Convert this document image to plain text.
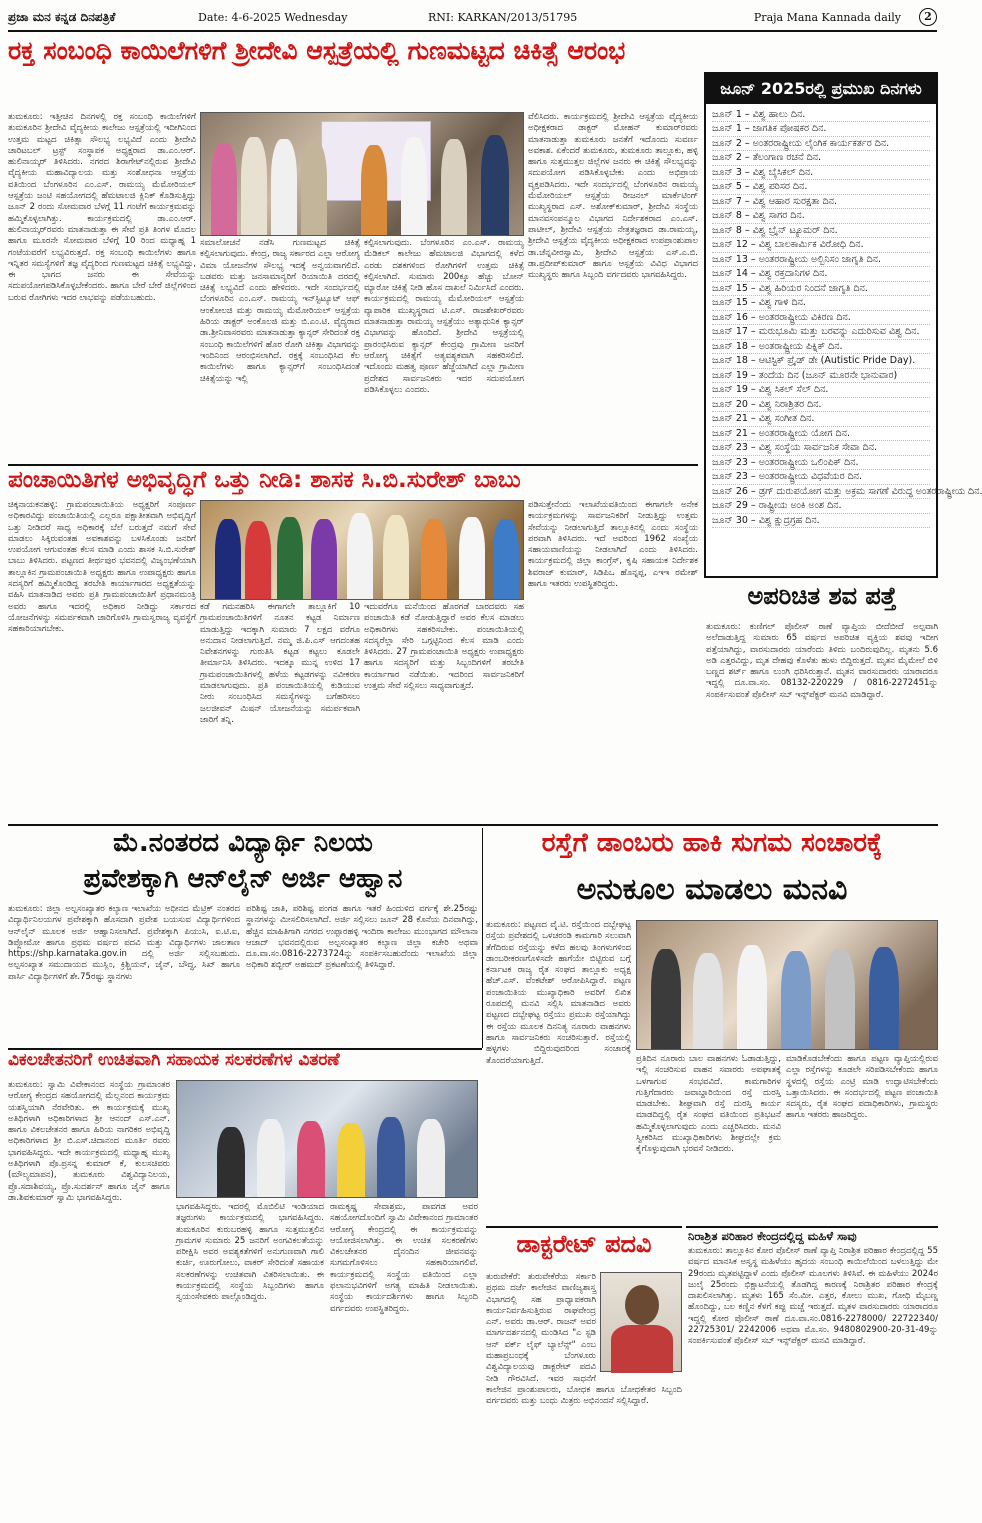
ಪ್ರಜಾ ಮನ ಕನ್ನಡ ದಿನಪತ್ರಿಕೆ	Date: 4-6-2025 Wednesday	RNI: KARKAN/2013/51795	Praja Mana Kannada daily	2
ರಕ್ತ ಸಂಬಂಧಿ ಕಾಯಿಲೆಗಳಿಗೆ ಶ್ರೀದೇವಿ ಆಸ್ಪತ್ರೆಯಲ್ಲಿ ಗುಣಮಟ್ಟದ ಚಿಕಿತ್ಸೆ ಆರಂಭ
ತುಮಕೂರು: ಇತ್ತೀಚಿನ ದಿನಗಳಲ್ಲಿ ರಕ್ತ ಸಂಬಂಧಿ ಕಾಯಿಲೆಗಳಿಗೆ ತುಮಕೂರಿನ ಶ್ರೀದೇವಿ ವೈದ್ಯಕೀಯ ಕಾಲೇಜು ಆಸ್ಪತ್ರೆಯಲ್ಲಿ ಇದೀಗಿನಿಂದ ಉತ್ತಮ ಮಟ್ಟದ ಚಿಕಿತ್ಸಾ ಸೌಲಭ್ಯ ಲಭ್ಯವಿದೆ ಎಂದು ಶ್ರೀದೇವಿ ಚಾರಿಟಬಲ್ ಟ್ರಸ್ಟ್ ಸಂಸ್ಥಾಪಕ ಅಧ್ಯಕ್ಷರಾದ ಡಾ.ಎಂ.ಆರ್. ಹುಲಿನಾಯ್ಕರ್ ತಿಳಿಸಿದರು. ನಗರದ ಶಿರಾಗೇಟ್‌ನಲ್ಲಿರುವ ಶ್ರೀದೇವಿ ವೈದ್ಯಕೀಯ ಮಹಾವಿದ್ಯಾಲಯ ಮತ್ತು ಸಂಶೋಧನಾ ಆಸ್ಪತ್ರೆಯ ವತಿಯಿಂದ ಬೆಂಗಳೂರಿನ ಎಂ.ಎಸ್. ರಾಮಯ್ಯ ಮೆಮೋರಿಯಲ್ ಆಸ್ಪತ್ರೆಯ ಜಂಟಿ ಸಹಯೋಗದಲ್ಲಿ ಹೆಮಟಾಲಜಿ ಕ್ಲಿನಿಕ್ ಕೊಡಿಸುತ್ತಿದ್ದು ಜೂನ್ 2 ರಂದು ಸೋಮವಾರ ಬೆಳಗ್ಗೆ 11 ಗಂಟೆಗೆ ಕಾರ್ಯಕ್ರಮವನ್ನು ಹಮ್ಮಿಕೊಳ್ಳಲಾಗಿತ್ತು. ಕಾರ್ಯಕ್ರಮದಲ್ಲಿ ಡಾ.ಎಂ.ಆರ್. ಹುಲಿನಾಯ್ಕರ್‌ರವರು ಮಾತನಾಡುತ್ತಾ ಈ ಸೇವೆ ಪ್ರತಿ ತಿಂಗಳ ಮೊದಲ ಹಾಗೂ ಮೂರನೇ ಸೋಮವಾರ ಬೆಳಿಗ್ಗೆ 10 ರಿಂದ ಮಧ್ಯಾಹ್ನ 1 ಗಂಟೆಯವರೆಗೆ ಲಭ್ಯವಿರುತ್ತದೆ. ರಕ್ತ ಸಂಬಂಧಿ ಕಾಯಿಲೆಗಳು ಹಾಗೂ ಇನ್ನಿತರ ಸಮಸ್ಯೆಗಳಿಗೆ ತಜ್ಞ ವೈದ್ಯರಿಂದ ಗುಣಮಟ್ಟದ ಚಿಕಿತ್ಸೆ ಲಭ್ಯವಿದ್ದು, ಈ ಭಾಗದ ಜನರು ಈ ಸೇವೆಯನ್ನು ಸದುಪಯೋಗಪಡಿಸಿಕೊಳ್ಳಬೇಕೆಂದರು. ಹಾಗೂ ಬೇರೆ ಬೇರೆ ಜಿಲ್ಲೆಗಳಿಂದ ಬರುವ ರೋಗಿಗಳು ಇದರ ಲಾಭವನ್ನು ಪಡೆಯಬಹುದು.
ಸಮಾಲೋಚನೆ ನಡೆಸಿ ಗುಣಮಟ್ಟದ ಚಿಕಿತ್ಸೆ ಕಲ್ಪಿಸಲಾಗುವುದು. ಕೇಂದ್ರ, ರಾಜ್ಯ ಸರ್ಕಾರದ ಎಲ್ಲಾ ಆರೋಗ್ಯ ವಿಮಾ ಯೋಜನೆಗಳ ಸೌಲಭ್ಯ ಇದಕ್ಕೆ ಅನ್ವಯವಾಗಲಿದೆ. ಬಡವರು ಮತ್ತು ಜನಸಾಮಾನ್ಯರಿಗೆ ರಿಯಾಯಿತಿ ದರದಲ್ಲಿ ಚಿಕಿತ್ಸೆ ಲಭ್ಯವಿದೆ ಎಂದು ಹೇಳಿದರು. ಇದೇ ಸಂದರ್ಭದಲ್ಲಿ ಬೆಂಗಳೂರಿನ ಎಂ.ಎಸ್. ರಾಮಯ್ಯ ಇನ್‌ಸ್ಟಿಟ್ಯೂಟ್ ಆಫ್ ಆಂಕೋಲಜಿ ಮತ್ತು ರಾಮಯ್ಯ ಮೆಮೋರಿಯಲ್ ಆಸ್ಪತ್ರೆಯ ಹಿರಿಯ ಡಾಕ್ಟರ್ ಅಂಕೊಲಜಿ ಮತ್ತು ಬಿ.ಎಂ.ಟಿ. ವೈದ್ಯರಾದ ಡಾ.ಶ್ರೀನಿವಾಸರವರು ಮಾತನಾಡುತ್ತಾ ಕ್ಯಾನ್ಸರ್ ಸೇರಿದಂತೆ ರಕ್ತ ಸಂಬಂಧಿ ಕಾಯಿಲೆಗಳಿಗೆ ಹೊರ ರೋಗಿ ಚಿಕಿತ್ಸಾ ವಿಭಾಗವನ್ನು ಇಂದಿನಿಂದ ಆರಂಭಿಸಲಾಗಿದೆ. ರಕ್ತಕ್ಕೆ ಸಂಬಂಧಿಸಿದ ಕೆಲ ಕಾಯಿಲೆಗಳು ಹಾಗೂ ಕ್ಯಾನ್ಸರ್‌ಗೆ ಸಂಬಂಧಿಸಿದಂತೆ ಚಿಕಿತ್ಸೆಯನ್ನು ಇಲ್ಲಿ
ಕಲ್ಪಿಸಲಾಗುವುದು. ಬೆಂಗಳೂರಿನ ಎಂ.ಎಸ್. ರಾಮಯ್ಯ ಮೆಡಿಕಲ್ ಕಾಲೇಜು ಹೆಮಟಾಲಜಿ ವಿಭಾಗದಲ್ಲಿ ಕಳೆದ ಎರಡು ದಶಕಗಳಿಂದ ರೋಗಿಗಳಿಗೆ ಉತ್ತಮ ಚಿಕಿತ್ಸೆ ಕಲ್ಪಿಸಲಾಗಿದೆ. ಸುಮಾರು 200ಕ್ಕೂ ಹೆಚ್ಚು ಬೋನ್ ಮ್ಯಾರೋ ಚಿಕಿತ್ಸೆ ನೀಡಿ ಹೊಸ ದಾಖಲೆ ನಿರ್ಮಿಸಿದೆ ಎಂದರು. ಕಾರ್ಯಕ್ರಮದಲ್ಲಿ ರಾಮಯ್ಯ ಮೆಮೋರಿಯಲ್ ಆಸ್ಪತ್ರೆಯ ವ್ಯಾಪಾರಿಕ ಮುಖ್ಯಸ್ಥರಾದ ಟಿ.ಎಸ್. ರಾಜಶೇಖರ್‌ರವರು ಮಾತನಾಡುತ್ತಾ ರಾಮಯ್ಯ ಆಸ್ಪತ್ರೆಯು ಅತ್ಯಾಧುನಿಕ ಕ್ಯಾನ್ಸರ್ ವಿಭಾಗವನ್ನು ಹೊಂದಿದೆ. ಶ್ರೀದೇವಿ ಆಸ್ಪತ್ರೆಯಲ್ಲಿ ಪ್ರಾರಂಭಿಸಿರುವ ಕ್ಯಾನ್ಸರ್ ಕೇಂದ್ರವು ಗ್ರಾಮೀಣ ಜನರಿಗೆ ಆರೋಗ್ಯ ಚಿಕಿತ್ಸೆಗೆ ಅತ್ಯವಶ್ಯಕವಾಗಿ ಸಹಕರಿಸಲಿದೆ. ಇದೊಂದು ಮಹತ್ವ ಪೂರ್ಣ ಹೆಜ್ಜೆಯಾಗಿದೆ ಎಲ್ಲಾ ಗ್ರಾಮೀಣ ಪ್ರದೇಶದ ಸಾರ್ವಜನಿಕರು ಇದರ ಸದುಪಯೋಗ ಪಡಿಸಿಕೊಳ್ಳಲು ಎಂದರು.
ವೆಲಿಸಿದರು. ಕಾರ್ಯಕ್ರಮದಲ್ಲಿ ಶ್ರೀದೇವಿ ಆಸ್ಪತ್ರೆಯ ವೈದ್ಯಕೀಯ ಅಧೀಕ್ಷಕರಾದ ಡಾಕ್ಟರ್ ಮೋಹನ್ ಕುಮಾರ್‌ರವರು ಮಾತನಾಡುತ್ತಾ ತುಮಕೂರು ಜನತೆಗೆ ಇದೊಂದು ಸುವರ್ಣ ಅವಕಾಶ. ಏಕೆಂದರೆ ತುಮಕೂರು, ತುಮಕೂರು ತಾಲ್ಲೂಕು, ಹಳ್ಳಿ ಹಾಗೂ ಸುತ್ತಮುತ್ತಲ ಜಿಲ್ಲೆಗಳ ಜನರು ಈ ಚಿಕಿತ್ಸೆ ಸೌಲಭ್ಯವನ್ನು ಸದುಪಯೋಗ ಪಡಿಸಿಕೊಳ್ಳಬೇಕು ಎಂದು ಅಭಿಪ್ರಾಯ ವ್ಯಕ್ತಪಡಿಸಿದರು. ಇದೇ ಸಂದರ್ಭದಲ್ಲಿ ಬೆಂಗಳೂರಿನ ರಾಮಯ್ಯ ಮೆಮೋರಿಯಲ್ ಆಸ್ಪತ್ರೆಯ ರೀಜನಲ್ ಮಾರ್ಕೆಟಿಂಗ್ ಮುಖ್ಯಸ್ಥರಾದ ಎಸ್. ಅಶೋಕ್‌ಕುಮಾರ್, ಶ್ರೀದೇವಿ ಸಂಸ್ಥೆಯ ಮಾನವಸಂಪನ್ಮೂಲ ವಿಭಾಗದ ನಿರ್ದೇಶಕರಾದ ಎಂ.ಎಸ್. ಪಾಟೀಲ್, ಶ್ರೀದೇವಿ ಆಸ್ಪತ್ರೆಯ ನೇತ್ರತಜ್ಞರಾದ ಡಾ.ರಾಮಯ್ಯ, ಶ್ರೀದೇವಿ ಆಸ್ಪತ್ರೆಯ ವೈದ್ಯಕೀಯ ಅಧೀಕ್ಷಕರಾದ ಉಪಪ್ರಾಂಶುಪಾಲ ಡಾ.ಚೆನ್ನವೀರಸ್ವಾಮಿ, ಶ್ರೀದೇವಿ ಆಸ್ಪತ್ರೆಯ ಎಸ್.ಎ.ಬಿ. ಡಾ.ಪ್ರದೀಪ್‌ಕುಮಾರ್ ಹಾಗೂ ಆಸ್ಪತ್ರೆಯ ವಿವಿಧ ವಿಭಾಗದ ಮುಖ್ಯಸ್ಥರು ಹಾಗೂ ಸಿಬ್ಬಂದಿ ವರ್ಗದವರು ಭಾಗವಹಿಸಿದ್ದರು.
ಜೂನ್ 2025ರಲ್ಲಿ ಪ್ರಮುಖ ದಿನಗಳು
ಜೂನ್ 1 – ವಿಶ್ವ ಹಾಲು ದಿನ.
ಜೂನ್ 1 – ಜಾಗತಿಕ ಪೋಷಕರ ದಿನ.
ಜೂನ್ 2 – ಅಂತರರಾಷ್ಟ್ರೀಯ ಲೈಂಗಿಕ ಕಾರ್ಯಕರ್ತರ ದಿನ.
ಜೂನ್ 2 – ತೆಲಂಗಾಣ ರಚನೆ ದಿನ.
ಜೂನ್ 3 – ವಿಶ್ವ ಬೈಸಿಕಲ್ ದಿನ.
ಜೂನ್ 5 – ವಿಶ್ವ ಪರಿಸರ ದಿನ.
ಜೂನ್ 7 – ವಿಶ್ವ ಆಹಾರ ಸುರಕ್ಷತಾ ದಿನ.
ಜೂನ್ 8 – ವಿಶ್ವ ಸಾಗರ ದಿನ.
ಜೂನ್ 8 – ವಿಶ್ವ ಬ್ರೈನ್ ಟ್ಯೂಮರ್ ದಿನ.
ಜೂನ್ 12 – ವಿಶ್ವ ಬಾಲಕಾರ್ಮಿಕ ವಿರೋಧಿ ದಿನ.
ಜೂನ್ 13 – ಅಂತರರಾಷ್ಟ್ರೀಯ ಅಲ್ಬಿನಿಸಂ ಜಾಗೃತಿ ದಿನ.
ಜೂನ್ 14 – ವಿಶ್ವ ರಕ್ತದಾನಿಗಳ ದಿನ.
ಜೂನ್ 15 – ವಿಶ್ವ ಹಿರಿಯರ ನಿಂದನೆ ಜಾಗೃತಿ ದಿನ.
ಜೂನ್ 15 – ವಿಶ್ವ ಗಾಳಿ ದಿನ.
ಜೂನ್ 16 – ಅಂತರರಾಷ್ಟ್ರೀಯ ವಿಕಿರಣ ದಿನ.
ಜೂನ್ 17 – ಮರುಭೂಮಿ ಮತ್ತು ಬರವನ್ನು ಎದುರಿಸುವ ವಿಶ್ವ ದಿನ.
ಜೂನ್ 18 – ಅಂತರಾಷ್ಟ್ರೀಯ ಪಿಕ್ನಿಕ್ ದಿನ.
ಜೂನ್ 18 – ಆಟಿಸ್ಟಿಕ್ ಪ್ರೈಡ್ ಡೇ (Autistic Pride Day).
ಜೂನ್ 19 – ತಂದೆಯ ದಿನ (ಜೂನ್ ಮೂರನೇ ಭಾನುವಾರ)
ಜೂನ್ 19 – ವಿಶ್ವ ಸಿಕಲ್ ಸೆಲ್ ದಿನ.
ಜೂನ್ 20 – ವಿಶ್ವ ನಿರಾಶ್ರಿತರ ದಿನ.
ಜೂನ್ 21 – ವಿಶ್ವ ಸಂಗೀತ ದಿನ.
ಜೂನ್ 21 – ಅಂತರರಾಷ್ಟ್ರೀಯ ಯೋಗ ದಿನ.
ಜೂನ್ 23 – ವಿಶ್ವ ಸಂಸ್ಥೆಯ ಸಾರ್ವಜನಿಕ ಸೇವಾ ದಿನ.
ಜೂನ್ 23 – ಅಂತರರಾಷ್ಟ್ರೀಯ ಒಲಿಂಪಿಕ್ ದಿನ.
ಜೂನ್ 23 – ಅಂತರರಾಷ್ಟ್ರೀಯ ವಿಧವೆಯರ ದಿನ.
ಜೂನ್ 26 – ಡ್ರಗ್ ದುರುಪಯೋಗ ಮತ್ತು ಅಕ್ರಮ ಸಾಗಣೆ ವಿರುದ್ಧ ಅಂತರರಾಷ್ಟ್ರೀಯ ದಿನ.
ಜೂನ್ 29 – ರಾಷ್ಟ್ರೀಯ ಅಂಕಿ ಅಂಶ ದಿನ.
ಜೂನ್ 30 – ವಿಶ್ವ ಕ್ಷುದ್ರಗ್ರಹ ದಿನ.
ಪಂಚಾಯಿತಿಗಳ ಅಭಿವೃದ್ಧಿಗೆ ಒತ್ತು ನೀಡಿ: ಶಾಸಕ ಸಿ.ಬಿ.ಸುರೇಶ್ ಬಾಬು
ಚಿಕ್ಕನಾಯಕನಹಳ್ಳಿ: ಗ್ರಾಮಪಂಚಾಯಿತಿಯ ಅಧ್ಯಕ್ಷರಿಗೆ ಸಂಪೂರ್ಣ ಅಧಿಕಾರವಿದ್ದು ಪಂಚಾಯಿತಿಯಲ್ಲಿ ಎಲ್ಲರೂ ಪಕ್ಷಾತೀತವಾಗಿ ಅಭಿವೃದ್ಧಿಗೆ ಒತ್ತು ನೀಡಿದರೆ ಸಾಧ್ಯ ಅಧಿಕಾರಕ್ಕೆ ಬೆಲೆ ಬರುತ್ತದೆ ನಮಗೆ ಸೇವೆ ಮಾಡಲು ಸಿಕ್ಕಿರುವಂತಹ ಅವಕಾಶವನ್ನು ಬಳಸಿಕೊಂಡು ಜನರಿಗೆ ಉಪಯೋಗ ಆಗುವಂತಹ ಕೆಲಸ ಮಾಡಿ ಎಂದು ಶಾಸಕ ಸಿ.ಬಿ.ಸುರೇಶ್ ಬಾಬು ತಿಳಿಸಿದರು. ಪಟ್ಟಣದ ತೀರ್ಥಪುರ ಭವನದಲ್ಲಿ ವಿಜೃಂಭಣೆಯಾಗಿ ತಾಲ್ಲೂಕಿನ ಗ್ರಾಮಪಂಚಾಯಿತಿ ಅಧ್ಯಕ್ಷರು ಹಾಗೂ ಉಪಾಧ್ಯಕ್ಷರು ಹಾಗೂ ಸದಸ್ಯರಿಗೆ ಹಮ್ಮಿಕೊಂಡಿದ್ದ ತರಬೇತಿ ಕಾರ್ಯಾಗಾರದ ಅಧ್ಯಕ್ಷತೆಯನ್ನು ವಹಿಸಿ ಮಾತನಾಡಿದ ಅವರು ಪ್ರತಿ ಗ್ರಾಮಪಂಚಾಯಿತಿಗೆ ಪ್ರಧಾನಮಂತ್ರಿ ಅವರು ಹಾಗೂ ಇದರಲ್ಲಿ ಅಧಿಕಾರ ನೀಡಿದ್ದು ಸರ್ಕಾರದ ಯೋಜನೆಗಳನ್ನು ಸಮರ್ಪಕವಾಗಿ ಜಾರಿಗೊಳಿಸಿ ಗ್ರಾಮಸ್ವರಾಜ್ಯ ವ್ಯವಸ್ಥೆಗೆ ಸಹಕಾರಿಯಾಗಬೇಕು.
ಕಡೆ ಗಮನಹರಿಸಿ ಈಗಾಗಲೇ ತಾಲ್ಲೂಕಿಗೆ 10 ಗ್ರಾಮಪಂಚಾಯಿತಿಗಳಿಗೆ ನೂತನ ಕಟ್ಟಡ ನಿರ್ಮಾಣ ಮಾಡುತ್ತಿದ್ದು ಇದಕ್ಕಾಗಿ ಸುಮಾರು 7 ಲಕ್ಷದ ವರೆಗೂ ಅನುದಾನ ನೀಡಲಾಗುತ್ತಿದೆ. ನಮ್ಮ ಜಿ.ಪಿ.ಎಸ್ ಆಗದಂತಹ ನಿವೇಶನಗಳನ್ನು ಗುರುತಿಸಿ ಕಟ್ಟಡ ಕಟ್ಟಲು ಕೂಡಲೇ ತೀರ್ಮಾನಿಸಿ ತಿಳಿಸಿದರು. ಇದಕ್ಕೂ ಮುನ್ನ ಉಳಿದ 17 ಗ್ರಾಮಪಂಚಾಯಿತಿಗಳಲ್ಲಿ ಹಳೆಯ ಕಟ್ಟಡಗಳನ್ನು ನವೀಕರಣ ಮಾಡಲಾಗುವುದು. ಪ್ರತಿ ಪಂಚಾಯಿತಿಯಲ್ಲಿ ಕುಡಿಯುವ ನೀರು ಸಂಬಂಧಿಸಿದ ಸಮಸ್ಯೆಗಳನ್ನು ಬಗೆಹರಿಸಲು ಜಲಜೀವನ್ ಮಿಷನ್ ಯೋಜನೆಯನ್ನು ಸಮರ್ಪಕವಾಗಿ ಜಾರಿಗೆ ತನ್ನಿ.
ಇದುವರೆಗೂ ಮನೆಯಿಂದ ಹೊರಗಡೆ ಬಾರದವರು ಸಹ ಪಂಚಾಯಿತಿ ಕಡೆ ನೋಡುತ್ತಿದ್ದಾರೆ ಅವರ ಕೆಲಸ ಮಾಡಲು ಅಧಿಕಾರಿಗಳು ಸಹಕರಿಸಬೇಕು. ಪಂಚಾಯಿತಿಯಲ್ಲಿ ಸದಸ್ಯರೆಲ್ಲಾ ಸೇರಿ ಒಗ್ಗಟ್ಟಿನಿಂದ ಕೆಲಸ ಮಾಡಿ ಎಂದು ತಿಳಿಸಿದರು. 27 ಗ್ರಾಮಪಂಚಾಯಿತಿ ಅಧ್ಯಕ್ಷರು ಉಪಾಧ್ಯಕ್ಷರು ಹಾಗೂ ಸದಸ್ಯರಿಗೆ ಮತ್ತು ಸಿಬ್ಬಂದಿಗಳಿಗೆ ತರಬೇತಿ ಕಾರ್ಯಾಗಾರ ನಡೆಯಿತು. ಇದರಿಂದ ಸಾರ್ವಜನಿಕರಿಗೆ ಉತ್ತಮ ಸೇವೆ ಸಲ್ಲಿಸಲು ಸಾಧ್ಯವಾಗುತ್ತದೆ.
ಪಡಿಸುತ್ತೇನೆಂದು ಇಲಾಖೆಯವತಿಯಿಂದ ಈಗಾಗಲೇ ಅನೇಕ ಕಾರ್ಯಕ್ರಮಗಳನ್ನು ಸಾರ್ವಜನಿಕರಿಗೆ ನೀಡುತ್ತಿದ್ದು ಉತ್ತಮ ಸೇವೆಯನ್ನು ನೀಡಲಾಗುತ್ತಿದೆ ತಾಲ್ಲೂಕಿನಲ್ಲಿ ಎಂದು ಸಂಸ್ಥೆಯ ಪರವಾಗಿ ತಿಳಿಸಿದರು. ಇದೆ ಅವರಿಂದ 1962 ಸಂಖ್ಯೆಯ ಸಹಾಯವಾಣಿಯನ್ನು ನೀಡಲಾಗಿದೆ ಎಂದು ತಿಳಿಸಿದರು. ಕಾರ್ಯಕ್ರಮದಲ್ಲಿ ಜಿಲ್ಲಾ ಕಾಂಗ್ರೆಸ್, ಕೃಷಿ ಸಹಾಯಕ ನಿರ್ದೇಶಕ ಶಿವರಾಜ್ ಕುಮಾರ್, ಸಿಡಿಪಿಒ ಹೊನ್ನಪ್ಪ, ಎಇಇ ರಮೇಶ್ ಹಾಗೂ ಇತರರು ಉಪಸ್ಥಿತರಿದ್ದರು.	ಅಪರಿಚಿತ ಶವ ಪತ್ತೆ
ತುಮಕೂರು: ಕುಣಿಗಲ್ ಪೊಲೀಸ್ ಠಾಣೆ ವ್ಯಾಪ್ತಿಯ ಬೀದೆಬೀದೆ ಅಲ್ಪವಾಗಿ ಅಲೆದಾಡುತ್ತಿದ್ದ ಸುಮಾರು 65 ವರ್ಷದ ಅಪರಿಚಿತ ವ್ಯಕ್ತಿಯ ಶವವು ಇದೀಗ ಪತ್ತೆಯಾಗಿದ್ದು, ವಾರಸುದಾರರು ಯಾರೆಂದು ತಿಳಿದು ಬಂದಿರುವುದಿಲ್ಲ. ಮೃತನು 5.6 ಅಡಿ ಎತ್ತರವಿದ್ದು, ಮೃತ ದೇಹವು ಕೊಳೆತು ಹುಳು ಬಿದ್ದಿರುತ್ತದೆ. ಮೃತನ ಮೈಮೇಲೆ ಬಿಳಿ ಬಣ್ಣದ ಶರ್ಟ್ ಹಾಗೂ ಲುಂಗಿ ಧರಿಸಿರುತ್ತಾನೆ. ಮೃತನ ವಾರಸುದಾರರು ಯಾರಾದರೂ ಇದ್ದಲ್ಲಿ ದೂ.ವಾ.ಸಂ. 08132-220229 / 0816-2272451ನ್ನು ಸಂಪರ್ಕಿಸುವಂತೆ ಪೊಲೀಸ್ ಸಬ್ ಇನ್ಸ್‌ಪೆಕ್ಟರ್ ಮನವಿ ಮಾಡಿದ್ದಾರೆ.
ಮೆ.ನಂತರದ ವಿದ್ಯಾರ್ಥಿ ನಿಲಯ
ಪ್ರವೇಶಕ್ಕಾಗಿ ಆನ್‌ಲೈನ್ ಅರ್ಜಿ ಆಹ್ವಾನ
ತುಮಕೂರು: ಜಿಲ್ಲಾ ಅಲ್ಪಸಂಖ್ಯಾತರ ಕಲ್ಯಾಣ ಇಲಾಖೆಯ ಅಧೀನದ ಮೆಟ್ರಿಕ್ ನಂತರದ ವಿದ್ಯಾರ್ಥಿನಿಲಯಗಳ ಪ್ರವೇಶಕ್ಕಾಗಿ ಹೊಸದಾಗಿ ಪ್ರವೇಶ ಬಯಸುವ ವಿದ್ಯಾರ್ಥಿಗಳಿಂದ ಆನ್‌ಲೈನ್ ಮೂಲಕ ಅರ್ಜಿ ಆಹ್ವಾನಿಸಲಾಗಿದೆ. ಪ್ರವೇಶಕ್ಕಾಗಿ ಪಿಯುಸಿ, ಐ.ಟಿ.ಐ, ಡಿಪ್ಲೋಮೋ ಹಾಗೂ ಪ್ರಥಮ ವರ್ಷದ ಪದವಿ ಮತ್ತು ವಿದ್ಯಾರ್ಥಿಗಳು ಜಾಲತಾಣ https://shp.karnataka.gov.in ದಲ್ಲಿ ಅರ್ಜಿ ಸಲ್ಲಿಸಬಹುದು. ಅಲ್ಪಸಂಖ್ಯಾತ ಸಮುದಾಯದ ಮುಸ್ಲಿಂ, ಕ್ರಿಶ್ಚಿಯನ್, ಜೈನ್, ಬೌದ್ಧ, ಸಿಖ್ ಹಾಗೂ ಪಾರ್ಸಿ ವಿದ್ಯಾರ್ಥಿಗಳಿಗೆ ಶೇ.75ರಷ್ಟು ಸ್ಥಾನಗಳು
ಪರಿಶಿಷ್ಟ ಜಾತಿ, ಪರಿಶಿಷ್ಟ ಪಂಗಡ ಹಾಗೂ ಇತರೆ ಹಿಂದುಳಿದ ವರ್ಗಕ್ಕೆ ಶೇ.25ರಷ್ಟು ಸ್ಥಾನಗಳನ್ನು ಮೀಸಲಿರಿಸಲಾಗಿದೆ. ಅರ್ಜಿ ಸಲ್ಲಿಸಲು ಜೂನ್ 28 ಕೊನೆಯ ದಿನವಾಗಿದ್ದು, ಹೆಚ್ಚಿನ ಮಾಹಿತಿಗಾಗಿ ನಗರದ ಉಪ್ಪಾರಹಳ್ಳಿ ಇಂದಿರಾ ಕಾಲೇಜು ಮುಂಭಾಗದ ಮೌಲಾನಾ ಆಜಾದ್ ಭವನದಲ್ಲಿರುವ ಅಲ್ಪಸಂಖ್ಯಾತರ ಕಲ್ಯಾಣ ಜಿಲ್ಲಾ ಕಚೇರಿ ಅಥವಾ ದೂ.ವಾ.ಸಂ.0816-2273724ನ್ನು ಸಂಪರ್ಕಿಸಬಹುದೆಂದು ಇಲಾಖೆಯ ಜಿಲ್ಲಾ ಅಧಿಕಾರಿ ಶಬ್ಬೀರ್ ಅಹಮದ್ ಪ್ರಕಟಣೆಯಲ್ಲಿ ತಿಳಿಸಿದ್ದಾರೆ.
ರಸ್ತೆಗೆ ಡಾಂಬರು ಹಾಕಿ ಸುಗಮ ಸಂಚಾರಕ್ಕೆ
ಅನುಕೂಲ ಮಾಡಲು ಮನವಿ
ತುಮಕೂರು: ಪಟ್ಟಣದ ವೈ.ಟಿ. ರಸ್ತೆಯಿಂದ ದಬ್ಬೇಘಟ್ಟ ರಸ್ತೆಯ ಪ್ರವೇಶದಲ್ಲಿ ಒಳಚರಂಡಿ ಕಾಮಗಾರಿ ಸಲುವಾಗಿ ತೆಗೆದಿರುವ ರಸ್ತೆಯನ್ನು ಕಳೆದ ಹಲವು ತಿಂಗಳುಗಳಿಂದ ಡಾಂಬರೀಕರಣಗೊಳಿಸದೇ ಹಾಗೆಯೇ ಬಿಟ್ಟಿರುವ ಬಗ್ಗೆ ಕರ್ನಾಟಕ ರಾಜ್ಯ ರೈತ ಸಂಘದ ತಾಲ್ಲೂಕು ಅಧ್ಯಕ್ಷ ಹೆಚ್.ಎಸ್. ವೆಂಕಟೇಶ್ ಆರೋಪಿಸಿದ್ದಾರೆ. ಪಟ್ಟಣ ಪಂಚಾಯಿತಿಯ ಮುಖ್ಯಾಧಿಕಾರಿ ಅವರಿಗೆ ಲಿಖಿತ ರೂಪದಲ್ಲಿ ಮನವಿ ಸಲ್ಲಿಸಿ ಮಾತನಾಡಿದ ಅವರು ಪಟ್ಟಣದ ದಬ್ಬೇಘಟ್ಟ ರಸ್ತೆಯು ಪ್ರಮುಖ ರಸ್ತೆಯಾಗಿದ್ದು ಈ ರಸ್ತೆಯ ಮೂಲಕ ದಿನನಿತ್ಯ ನೂರಾರು ವಾಹನಗಳು ಹಾಗೂ ಸಾರ್ವಜನಿಕರು ಸಂಚರಿಸುತ್ತಾರೆ. ರಸ್ತೆಯಲ್ಲಿ ಹಳ್ಳಗಳು ಬಿದ್ದಿರುವುದರಿಂದ ಸಂಚಾರಕ್ಕೆ ತೊಂದರೆಯಾಗುತ್ತಿದೆ.	ಪ್ರತಿದಿನ ನೂರಾರು ಬಾಲ ವಾಹನಗಳು ಓಡಾಡುತ್ತಿದ್ದು, ಇಲ್ಲಿ ಸಂಚರಿಸುವ ವಾಹನ ಸವಾರರು ಅಪಘಾತಕ್ಕೆ ಒಳಗಾಗುವ ಸಂಭವವಿದೆ. ಕಾಮಗಾರಿಗಳ ಗುತ್ತಿಗೆದಾರರು ಜವಾಬ್ದಾರಿಯಿಂದ ರಸ್ತೆ ದುರಸ್ತಿ ಮಾಡಬೇಕು. ಶೀಘ್ರವಾಗಿ ರಸ್ತೆ ದುರಸ್ತಿ ಕಾರ್ಯ ಮಾಡದಿದ್ದಲ್ಲಿ ರೈತ ಸಂಘದ ವತಿಯಿಂದ ಪ್ರತಿಭಟನೆ ಹಮ್ಮಿಕೊಳ್ಳಲಾಗುವುದು ಎಂದು ಎಚ್ಚರಿಸಿದರು. ಮನವಿ ಸ್ವೀಕರಿಸಿದ ಮುಖ್ಯಾಧಿಕಾರಿಗಳು ಶೀಘ್ರದಲ್ಲೇ ಕ್ರಮ ಕೈಗೊಳ್ಳುವುದಾಗಿ ಭರವಸೆ ನೀಡಿದರು.
ಮಾಡಿಕೊಡಬೇಕೆಂದು ಹಾಗೂ ಪಟ್ಟಣ ವ್ಯಾಪ್ತಿಯಲ್ಲಿರುವ ಎಲ್ಲಾ ರಸ್ತೆಗಳನ್ನು ಕೂಡಲೇ ಸರಿಪಡಿಸಬೇಕೆಂದು ಹಾಗೂ ಸ್ಥಳದಲ್ಲಿ ರಸ್ತೆಯ ಎಂಟ್ರಿ ಮಾಡಿ ಉದ್ಘಾಟಿಸಬೇಕೆಂದು ಒತ್ತಾಯಿಸಿದರು. ಈ ಸಂದರ್ಭದಲ್ಲಿ ಪಟ್ಟಣ ಪಂಚಾಯಿತಿ ಸದಸ್ಯರು, ರೈತ ಸಂಘದ ಪದಾಧಿಕಾರಿಗಳು, ಗ್ರಾಮಸ್ಥರು ಹಾಗೂ ಇತರರು ಹಾಜರಿದ್ದರು.
ವಿಕಲಚೇತನರಿಗೆ ಉಚಿತವಾಗಿ ಸಹಾಯಕ ಸಲಕರಣೆಗಳ ವಿತರಣೆ
ತುಮಕೂರು: ಸ್ವಾಮಿ ವಿವೇಕಾನಂದ ಸಂಸ್ಥೆಯ ಗ್ರಾಮಾಂತರ ಆರೋಗ್ಯ ಕೇಂದ್ರದ ಸಹಯೋಗದಲ್ಲಿ ಮೆಲ್ಲನಂದ ಕಾರ್ಯಕ್ರಮ ಯಶಸ್ವಿಯಾಗಿ ನೆರವೇರಿತು. ಈ ಕಾರ್ಯಕ್ರಮಕ್ಕೆ ಮುಖ್ಯ ಅತಿಥಿಗಳಾಗಿ ಅಧಿಕಾರಿಗಳಾದ ಶ್ರೀ ಆನಂದ್ ಎಸ್.ಎನ್. ಹಾಗೂ ವಿಕಲಚೇತನರ ಹಾಗೂ ಹಿರಿಯ ನಾಗರಿಕರ ಅಭಿವೃದ್ಧಿ ಅಧಿಕಾರಿಗಳಾದ ಶ್ರೀ ಬಿ.ಎಸ್.ಚಿದಾನಂದ ಮೂರ್ತಿ ರವರು ಭಾಗವಹಿಸಿದ್ದರು. ಇದೇ ಕಾರ್ಯಕ್ರಮದಲ್ಲಿ ಮಧ್ಯಾಹ್ನ ಮುಖ್ಯ ಅತಿಥಿಗಳಾಗಿ ಪೊ.ಪ್ರಸನ್ನ ಕುಮಾರ್ ಕೆ, ಕುಲಸಚಿವರು (ಮೌಲ್ಯಮಾಪನ), ತುಮಕೂರು ವಿಶ್ವವಿದ್ಯಾನಿಲಯ, ಪ್ರೊ.ಸದಾಶಿವಯ್ಯ, ಪ್ರೊ.ಸುದರ್ಶನ್ ಹಾಗೂ ಜೈನ್ ಹಾಗೂ ಡಾ.ಶಿವಕುಮಾರ್ ಸ್ವಾಮಿ ಭಾಗವಹಿಸಿದ್ದರು.
ಭಾಗವಹಿಸಿದ್ದರು. ಇದರಲ್ಲಿ ಮೊಬಿಲಿಟಿ ಇಂಡಿಯಾದ ತಜ್ಞರುಗಳು ಕಾರ್ಯಕ್ರಮದಲ್ಲಿ ಭಾಗವಹಿಸಿದ್ದರು. ತುಮಕೂರಿನ ಕುರುಬರಹಳ್ಳಿ ಹಾಗೂ ಸುತ್ತಮುತ್ತಲಿನ ಗ್ರಾಮಗಳ ಸುಮಾರು 25 ಜನರಿಗೆ ಅಂಗವಿಕಲತೆಯನ್ನು ಪರೀಕ್ಷಿಸಿ ಅವರ ಅವಶ್ಯಕತೆಗಳಿಗೆ ಅನುಗುಣವಾಗಿ ಗಾಲಿ ಕುರ್ಚಿ, ಊರುಗೋಲು, ವಾಕರ್ ಸೇರಿದಂತೆ ಸಹಾಯಕ ಸಲಕರಣೆಗಳನ್ನು ಉಚಿತವಾಗಿ ವಿತರಿಸಲಾಯಿತು. ಈ ಕಾರ್ಯಕ್ರಮದಲ್ಲಿ ಸಂಸ್ಥೆಯ ಸಿಬ್ಬಂದಿಗಳು ಹಾಗೂ ಸ್ವಯಂಸೇವಕರು ಪಾಲ್ಗೊಂಡಿದ್ದರು.
ರಾಮಕೃಷ್ಣ ಸೇವಾಶ್ರಮ, ಪಾವಗಡ ಅವರ ಸಹಯೋಗದೊಂದಿಗೆ ಸ್ವಾಮಿ ವಿವೇಕಾನಂದ ಗ್ರಾಮಾಂತರ ಆರೋಗ್ಯ ಕೇಂದ್ರದಲ್ಲಿ ಈ ಕಾರ್ಯಕ್ರಮವನ್ನು ಆಯೋಜಿಸಲಾಗಿತ್ತು. ಈ ಉಚಿತ ಸಲಕರಣೆಗಳು ವಿಕಲಚೇತನರ ದೈನಂದಿನ ಜೀವನವನ್ನು ಸುಗಮಗೊಳಿಸಲು ಸಹಕಾರಿಯಾಗಲಿವೆ. ಕಾರ್ಯಕ್ರಮದಲ್ಲಿ ಸಂಸ್ಥೆಯ ವತಿಯಿಂದ ಎಲ್ಲಾ ಫಲಾನುಭವಿಗಳಿಗೆ ಅಗತ್ಯ ಮಾಹಿತಿ ನೀಡಲಾಯಿತು. ಸಂಸ್ಥೆಯ ಕಾರ್ಯದರ್ಶಿಗಳು ಹಾಗೂ ಸಿಬ್ಬಂದಿ ವರ್ಗದವರು ಉಪಸ್ಥಿತರಿದ್ದರು.
ನಿರಾಶ್ರಿತ ಪರಿಹಾರ ಕೇಂದ್ರದಲ್ಲಿದ್ದ ಮಹಿಳೆ ಸಾವು
ತುಮಕೂರು: ತಾಲ್ಲೂಕಿನ ಕೋರ ಪೊಲೀಸ್ ಠಾಣೆ ವ್ಯಾಪ್ತಿ ನಿರಾಶ್ರಿತ ಪರಿಹಾರ ಕೇಂದ್ರದಲ್ಲಿದ್ದ 55 ವರ್ಷದ ಮಾನಸಿಕ ಅಸ್ವಸ್ಥ ಮಹಿಳೆಯು ಹೃದಯ ಸಂಬಂಧಿ ಕಾಯಿಲೆಯಿಂದ ಬಳಲುತ್ತಿದ್ದು ಮೇ 29ರಂದು ಮೃತಪಟ್ಟಿದ್ದಾಳೆ ಎಂದು ಪೊಲೀಸ್ ಮೂಲಗಳು ತಿಳಿಸಿವೆ. ಈ ಮಹಿಳೆಯು 2024ರ ಜುಲೈ 25ರಂದು ಭಿಕ್ಷಾಟನೆಯಲ್ಲಿ ತೊಡಗಿದ್ದ ಕಾರಣಕ್ಕೆ ನಿರಾಶ್ರಿತರ ಪರಿಹಾರ ಕೇಂದ್ರಕ್ಕೆ ದಾಖಲಿಸಲಾಗಿತ್ತು. ಮೃತಳು 165 ಸೆಂ.ಮೀ. ಎತ್ತರ, ಕೋಲು ಮುಖ, ಗೋಧಿ ಮೈಬಣ್ಣ ಹೊಂದಿದ್ದು, ಬಲ ಕಣ್ಣಿನ ಕೆಳಗೆ ಕಪ್ಪು ಮಚ್ಚೆ ಇರುತ್ತದೆ. ಮೃತಳ ವಾರಸುದಾರರು ಯಾರಾದರೂ ಇದ್ದಲ್ಲಿ ಕೋರ ಪೊಲೀಸ್ ಠಾಣೆ ದೂ.ವಾ.ಸಂ.0816-2278000/ 22722340/ 22725301/ 2242006 ಅಥವಾ ಮೊ.ಸಂ. 9480802900-20-31-49ನ್ನು ಸಂಪರ್ಕಿಸುವಂತೆ ಪೊಲೀಸ್ ಸಬ್ ಇನ್ಸ್‌ಪೆಕ್ಟರ್ ಮನವಿ ಮಾಡಿದ್ದಾರೆ.
ಡಾಕ್ಟರೇಟ್ ಪದವಿ
ತುರುವೇಕೆರೆ: ತುರುವೇಕೆರೆಯ ಸರ್ಕಾರಿ ಪ್ರಥಮ ದರ್ಜೆ ಕಾಲೇಜಿನ ವಾಣಿಜ್ಯಶಾಸ್ತ್ರ ವಿಭಾಗದಲ್ಲಿ ಸಹ ಪ್ರಾಧ್ಯಾಪಕರಾಗಿ ಕಾರ್ಯನಿರ್ವಹಿಸುತ್ತಿರುವ ರಾಘವೇಂದ್ರ ಎನ್. ಅವರು ಡಾ.ಆರ್. ರಾಜನ್ ಅವರ ಮಾರ್ಗದರ್ಶನದಲ್ಲಿ ಮಂಡಿಸಿದ "ಎ ಸ್ಟಡಿ ಆನ್ ವರ್ಕ್ ಲೈಫ್ ಬ್ಯಾಲೆನ್ಸ್" ಎಂಬ ಮಹಾಪ್ರಬಂಧಕ್ಕೆ ಬೆಂಗಳೂರು ವಿಶ್ವವಿದ್ಯಾಲಯವು ಡಾಕ್ಟರೇಟ್ ಪದವಿ ನೀಡಿ ಗೌರವಿಸಿದೆ. ಇವರ ಸಾಧನೆಗೆ ಕಾಲೇಜಿನ ಪ್ರಾಂಶುಪಾಲರು, ಬೋಧಕ ಹಾಗೂ ಬೋಧಕೇತರ ಸಿಬ್ಬಂದಿ ವರ್ಗದವರು ಮತ್ತು ಬಂಧು ಮಿತ್ರರು ಅಭಿನಂದನೆ ಸಲ್ಲಿಸಿದ್ದಾರೆ.
